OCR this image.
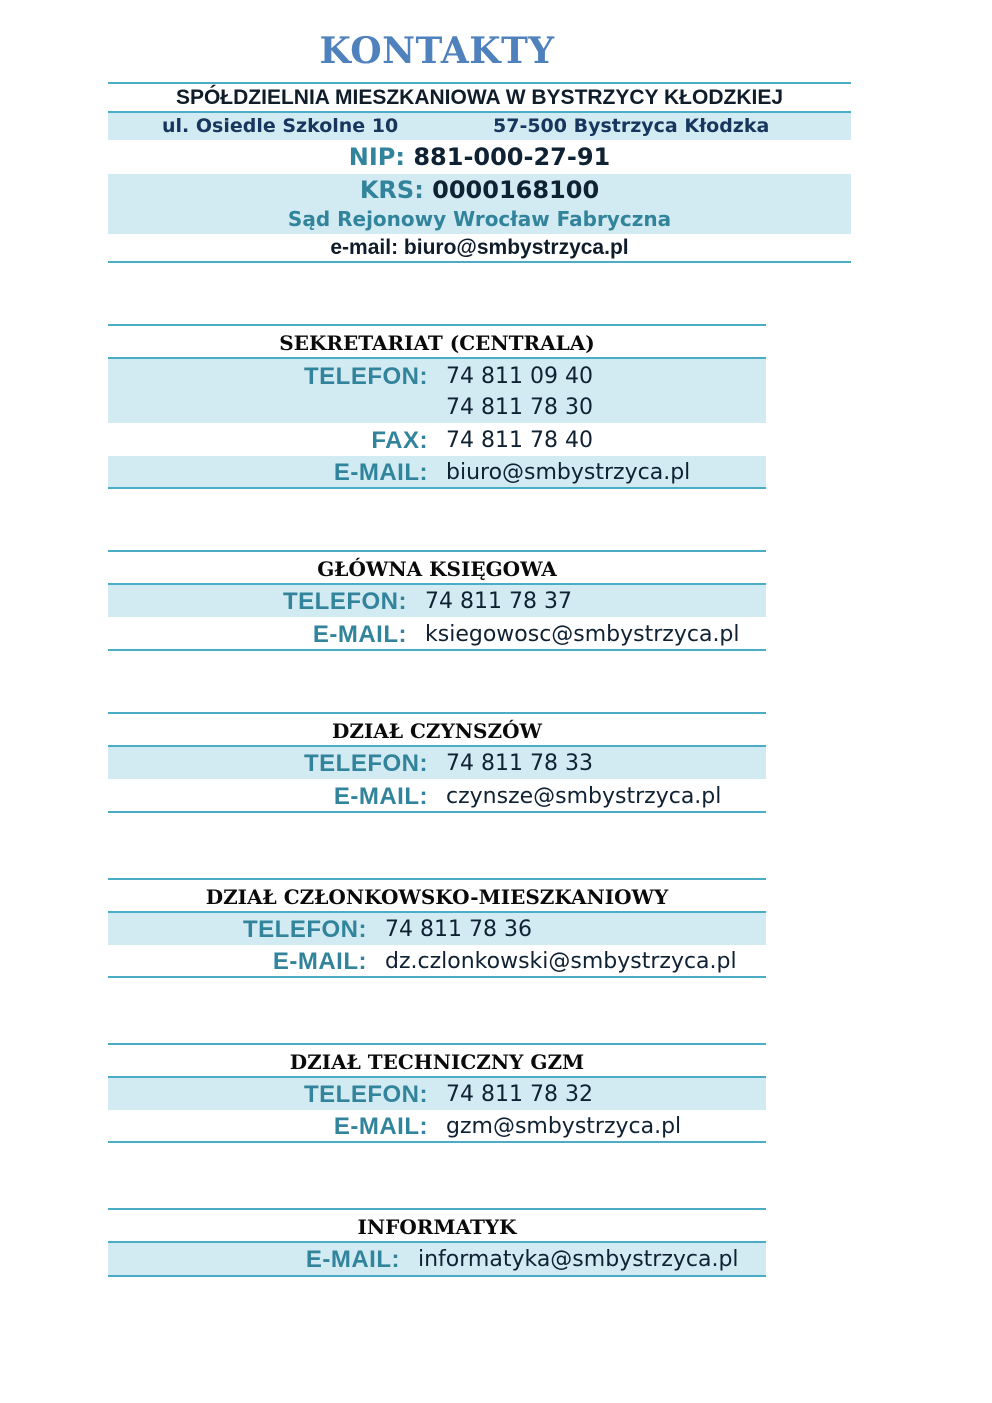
KONTAKTY
SPÓŁDZIELNIA MIESZKANIOWA W BYSTRZYCY KŁODZKIEJ
ul. Osiedle Szkolne 10	57-500 Bystrzyca Kłodzka
NIP: 881-000-27-91
KRS: 0000168100
Sąd Rejonowy Wrocław Fabryczna
e-mail: biuro@smbystrzyca.pl
SEKRETARIAT (CENTRALA)
TELEFON: 74 811 09 40
74 811 78 30
FAX: 74 811 78 40
E-MAIL: biuro@smbystrzyca.pl
GŁÓWNA KSIĘGOWA
TELEFON: 74 811 78 37
E-MAIL: ksiegowosc@smbystrzyca.pl
DZIAŁ CZYNSZÓW
TELEFON: 74 811 78 33
E-MAIL: czynsze@smbystrzyca.pl
DZIAŁ CZŁONKOWSKO-MIESZKANIOWY
TELEFON: 74 811 78 36
E-MAIL: dz.czlonkowski@smbystrzyca.pl
DZIAŁ TECHNICZNY GZM
TELEFON: 74 811 78 32
E-MAIL: gzm@smbystrzyca.pl
INFORMATYK
E-MAIL: informatyka@smbystrzyca.pl
